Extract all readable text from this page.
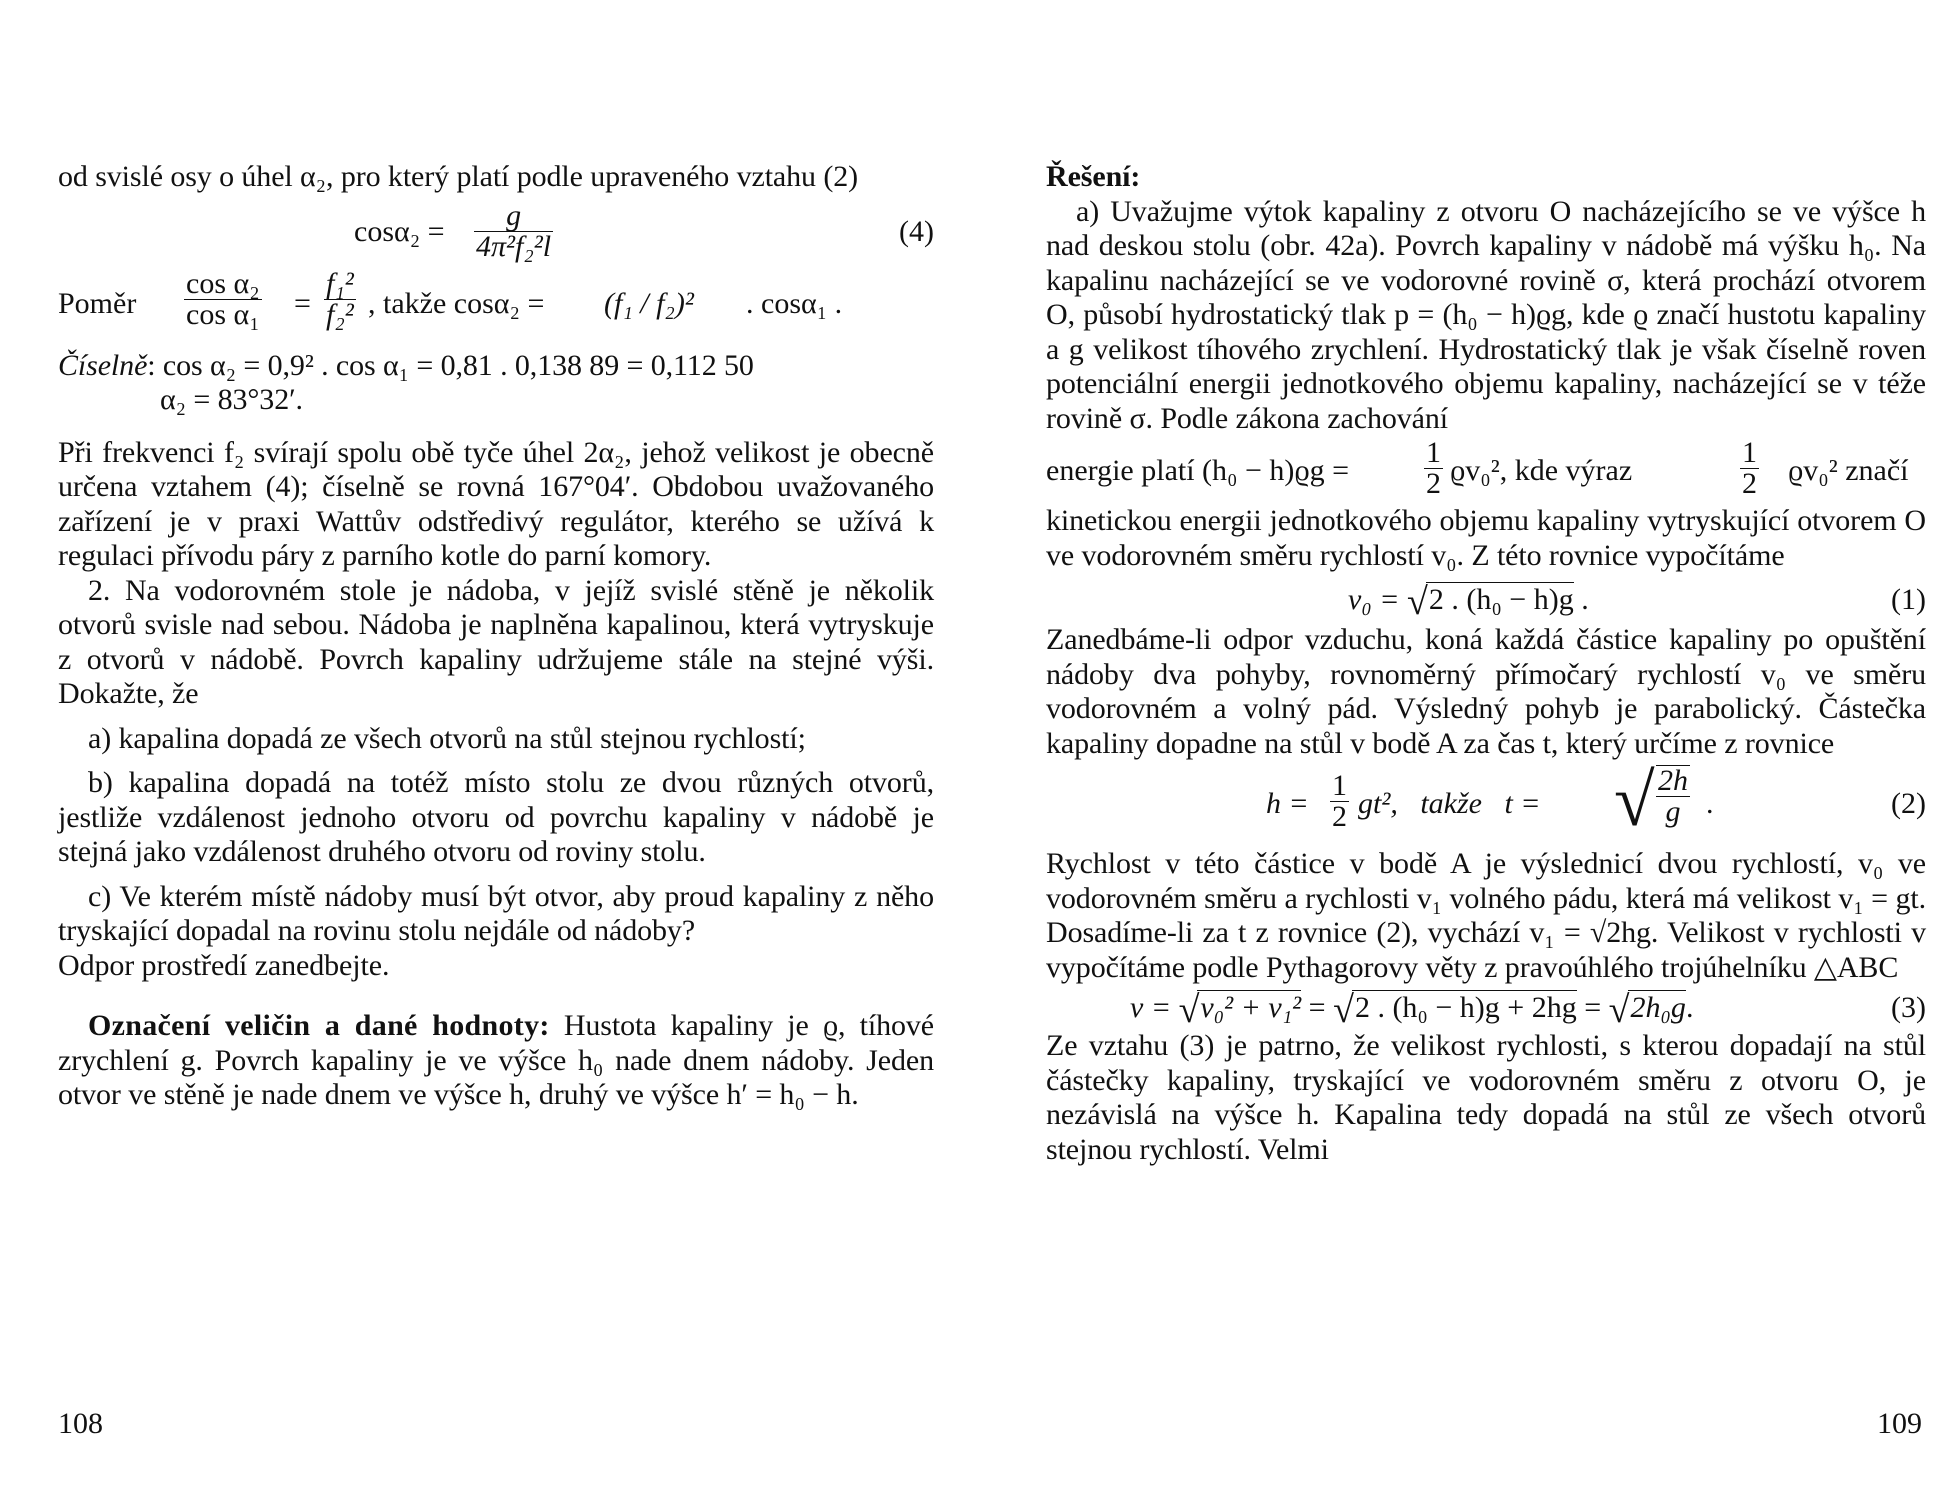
od svislé osy o úhel α₂, pro který platí podle upraveného vztahu (2)

$\cos\alpha_2 = \frac{g}{\text{4π²f₂²l}}$	(4)
Poměr $\frac{\text{cos α₂}}{\text{cos α₁}} = \frac{\text{f₁²}}{\text{f₂²}}$ , takže cosα₂ = (f₁ / f₂)² . cosα₁ .

Číselně: cos α₂ = 0,9² . cos α₁ = 0,81 . 0,138 89 = 0,112 50

α₂ = 83°32′.

Při frekvenci f₂ svírají spolu obě tyče úhel 2α₂, jehož velikost je obecně určena vztahem (4); číselně se rovná 167°04′. Obdobou uvažovaného zařízení je v praxi Wattův odstředivý regulátor, kterého se užívá k regulaci přívodu páry z parního kotle do parní komory.

2. Na vodorovném stole je nádoba, v jejíž svislé stěně je několik otvorů svisle nad sebou. Nádoba je naplněna kapalinou, která vytryskuje z otvorů v nádobě. Povrch kapaliny udržujeme stále na stejné výši. Dokažte, že

a) kapalina dopadá ze všech otvorů na stůl stejnou rychlostí;

b) kapalina dopadá na totéž místo stolu ze dvou různých otvorů, jestliže vzdálenost jednoho otvoru od povrchu kapaliny v nádobě je stejná jako vzdálenost druhého otvoru od roviny stolu.

c) Ve kterém místě nádoby musí být otvor, aby proud kapaliny z něho tryskající dopadal na rovinu stolu nejdále od nádoby?

Odpor prostředí zanedbejte.

Označení veličin a dané hodnoty: Hustota kapaliny je ϱ, tíhové zrychlení g. Povrch kapaliny je ve výšce h₀ nade dnem nádoby. Jeden otvor ve stěně je nade dnem ve výšce h, druhý ve výšce h′ = h₀ − h.

Řešení:

a) Uvažujme výtok kapaliny z otvoru O nacházejícího se ve výšce h nad deskou stolu (obr. 42a). Povrch kapaliny v nádobě má výšku h₀. Na kapalinu nacházející se ve vodorovné rovině σ, která prochází otvorem O, působí hydrostatický tlak p = (h₀ − h)ϱg, kde ϱ značí hustotu kapaliny a g velikost tíhového zrychlení. Hydrostatický tlak je však číselně roven potenciální energii jednotkového objemu kapaliny, nacházející se v téže rovině σ. Podle zákona zachování

energie platí $(h_0 - h)ϱg = \frac{1}{2} ϱv_0^2$, kde výraz	$\frac{1}{2} ϱv_0^2$ značí

kinetickou energii jednotkového objemu kapaliny vytryskující otvorem O ve vodorovném směru rychlostí v₀. Z této rovnice vypočítáme

v₀ = √2 . (h₀ − h)g .	(1)

Zanedbáme-li odpor vzduchu, koná každá částice kapaliny po opuštění nádoby dva pohyby, rovnoměrný přímočarý rychlostí v₀ ve směru vodorovném a volný pád. Výsledný pohyb je parabolický. Částečka kapaliny dopadne na stůl v bodě A za čas t, který určíme z rovnice

$h = \frac{1}{2} gt^2$,   takže   t = √ $\frac{2h}{g}$ .	(2)

Rychlost v této částice v bodě A je výslednicí dvou rychlostí, v₀ ve vodorovném směru a rychlosti v₁ volného pádu, která má velikost v₁ = gt. Dosadíme-li za t z rovnice (2), vychází v₁ = √2hg. Velikost v rychlosti v vypočítáme podle Pythagorovy věty z pravoúhlého trojúhelníku △ABC

v = √v₀² + v₁² = √2 . (h₀ − h)g + 2hg = √2h₀g.	(3)

Ze vztahu (3) je patrno, že velikost rychlosti, s kterou dopadají na stůl částečky kapaliny, tryskající ve vodorovném směru z otvoru O, je nezávislá na výšce h. Kapalina tedy dopadá na stůl ze všech otvorů stejnou rychlostí. Velmi

108	109
